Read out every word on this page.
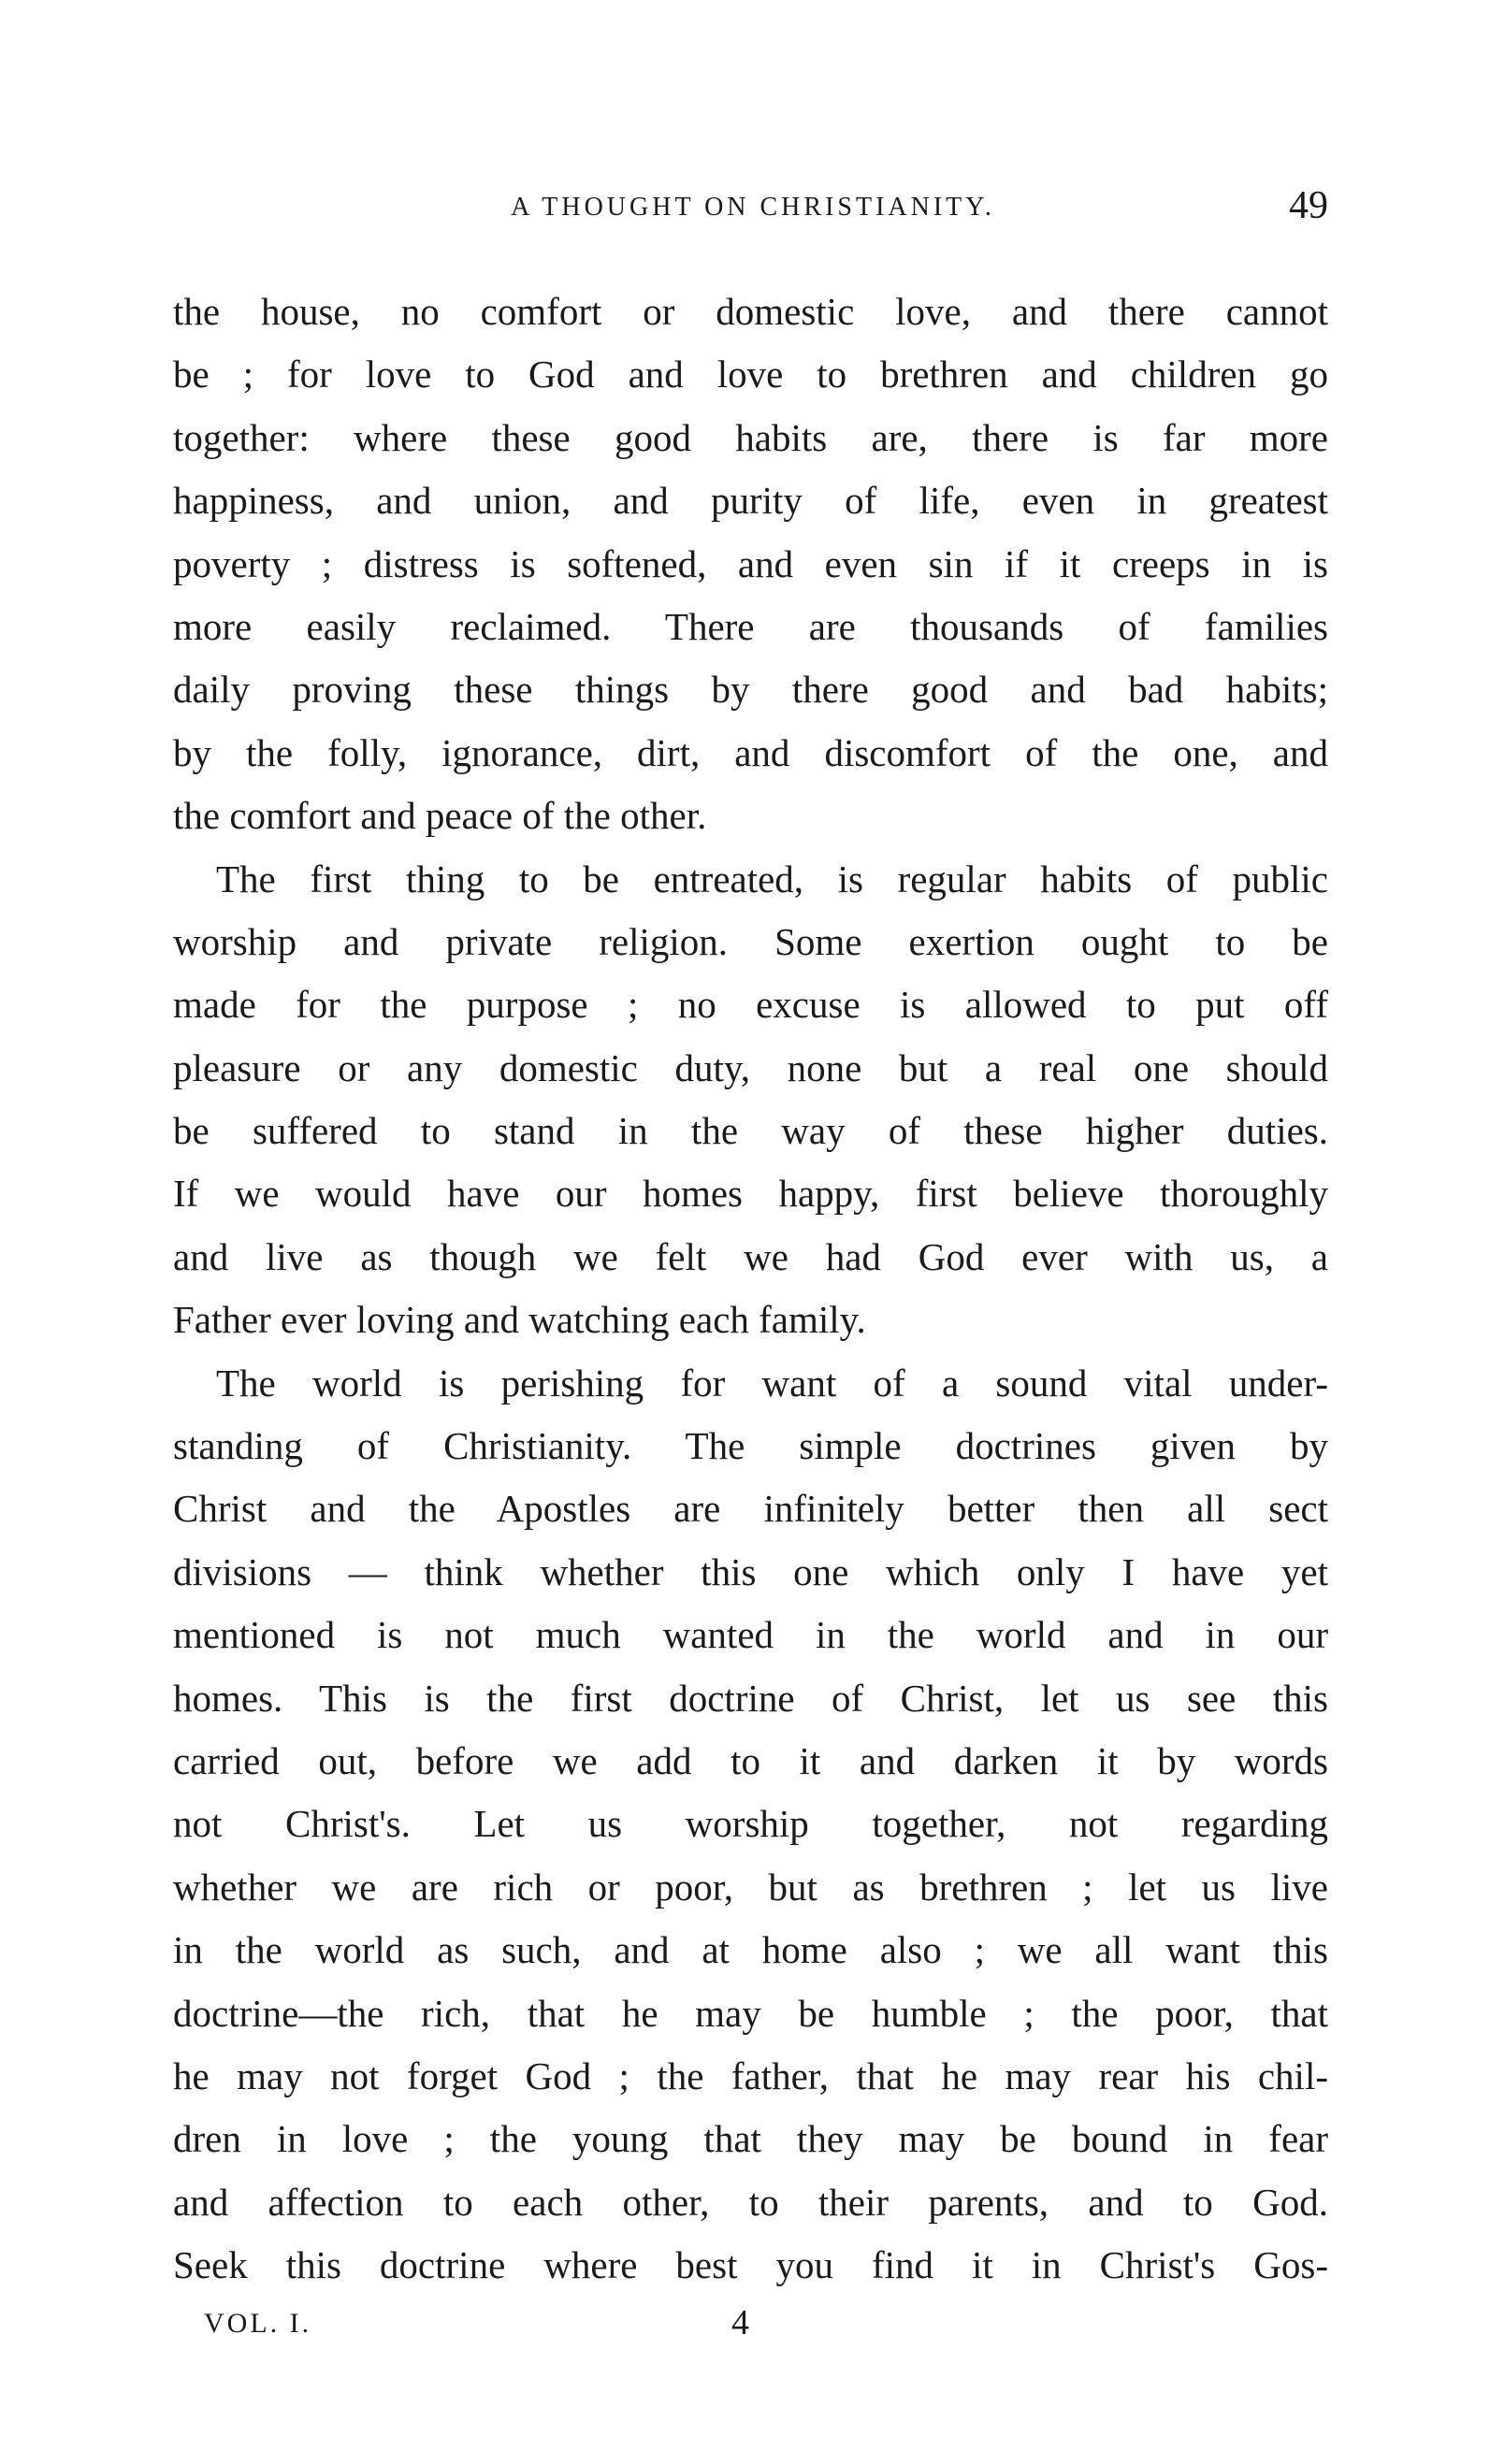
A THOUGHT ON CHRISTIANITY.	49
the house, no comfort or domestic love, and there cannot
be ; for love to God and love to brethren and children go
together: where these good habits are, there is far more
happiness, and union, and purity of life, even in greatest
poverty ; distress is softened, and even sin if it creeps in is
more easily reclaimed. There are thousands of families
daily proving these things by there good and bad habits;
by the folly, ignorance, dirt, and discomfort of the one, and
the comfort and peace of the other.
The first thing to be entreated, is regular habits of public
worship and private religion. Some exertion ought to be
made for the purpose ; no excuse is allowed to put off
pleasure or any domestic duty, none but a real one should
be suffered to stand in the way of these higher duties.
If we would have our homes happy, first believe thoroughly
and live as though we felt we had God ever with us, a
Father ever loving and watching each family.
The world is perishing for want of a sound vital under-
standing of Christianity. The simple doctrines given by
Christ and the Apostles are infinitely better then all sect
divisions — think whether this one which only I have yet
mentioned is not much wanted in the world and in our
homes. This is the first doctrine of Christ, let us see this
carried out, before we add to it and darken it by words
not Christ's. Let us worship together, not regarding
whether we are rich or poor, but as brethren ; let us live
in the world as such, and at home also ; we all want this
doctrine—the rich, that he may be humble ; the poor, that
he may not forget God ; the father, that he may rear his chil-
dren in love ; the young that they may be bound in fear
and affection to each other, to their parents, and to God.
Seek this doctrine where best you find it in Christ's Gos-
VOL. I.	4
